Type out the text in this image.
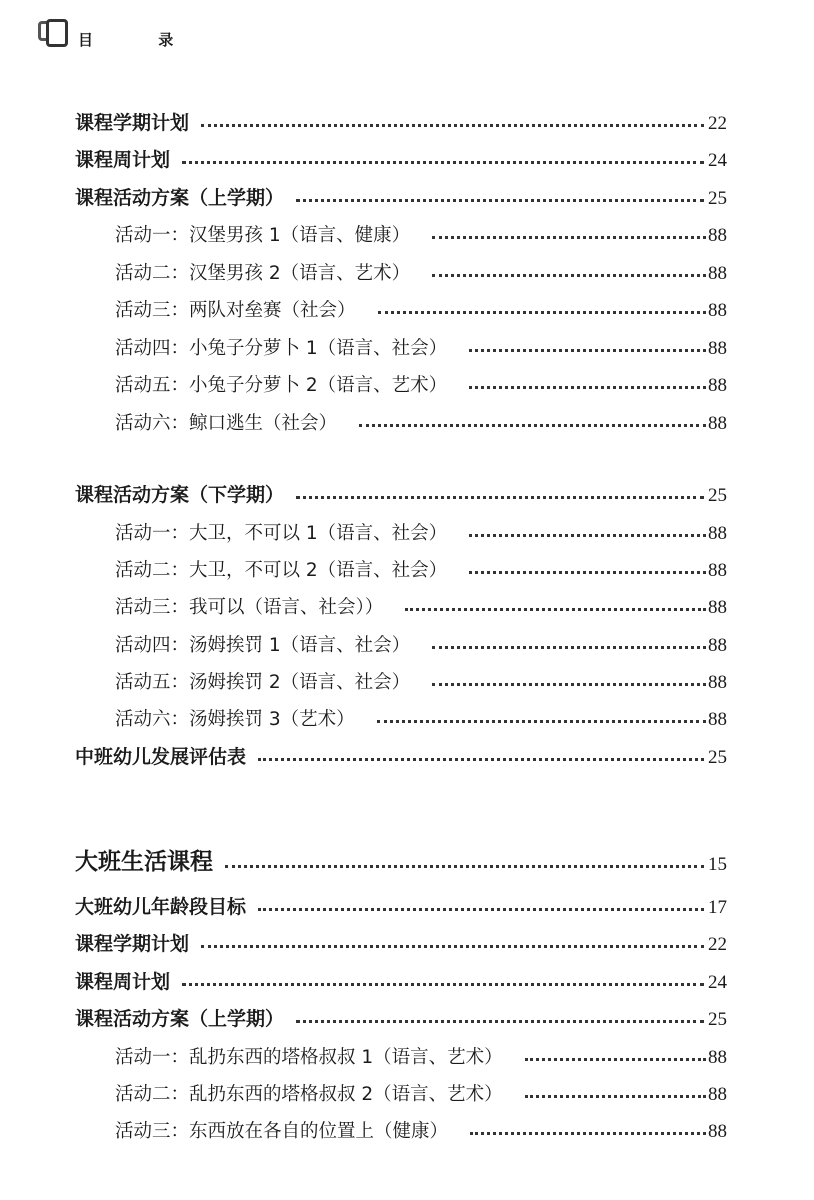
目 录
课程学期计划	22
课程周计划	24
课程活动方案（上学期）	25
活动一：汉堡男孩 1（语言、健康）	88
活动二：汉堡男孩 2（语言、艺术）	88
活动三：两队对垒赛（社会）	88
活动四：小兔子分萝卜 1（语言、社会）	88
活动五：小兔子分萝卜 2（语言、艺术）	88
活动六：鲸口逃生（社会）	88
课程活动方案（下学期）	25
活动一：大卫，不可以 1（语言、社会）	88
活动二：大卫，不可以 2（语言、社会）	88
活动三：我可以（语言、社会））	88
活动四：汤姆挨罚 1（语言、社会）	88
活动五：汤姆挨罚 2（语言、社会）	88
活动六：汤姆挨罚 3（艺术）	88
中班幼儿发展评估表	25
大班生活课程	15
大班幼儿年龄段目标	17
课程学期计划	22
课程周计划	24
课程活动方案（上学期）	25
活动一：乱扔东西的塔格叔叔 1（语言、艺术）	88
活动二：乱扔东西的塔格叔叔 2（语言、艺术）	88
活动三：东西放在各自的位置上（健康）	88
